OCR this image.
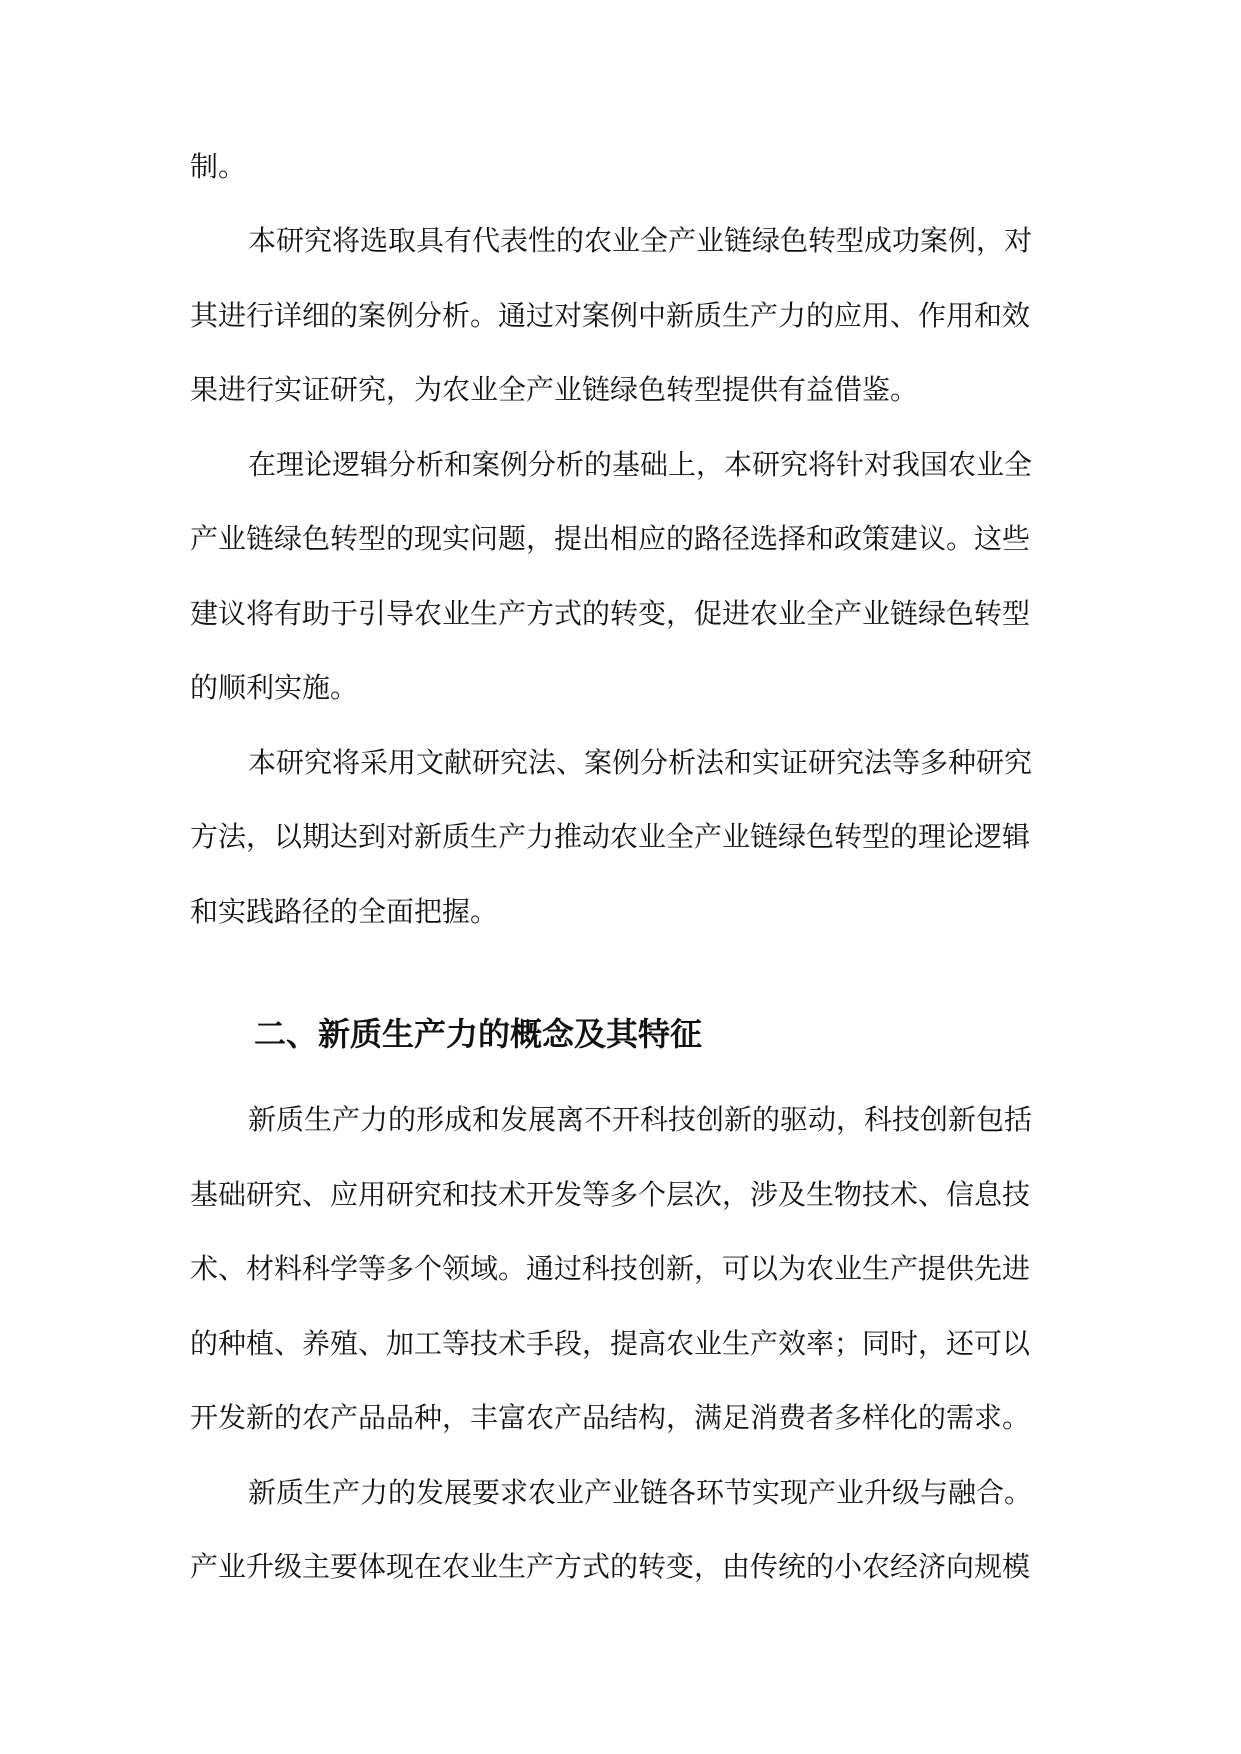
制。
本研究将选取具有代表性的农业全产业链绿色转型成功案例，对
其进行详细的案例分析。通过对案例中新质生产力的应用、作用和效
果进行实证研究，为农业全产业链绿色转型提供有益借鉴。
在理论逻辑分析和案例分析的基础上，本研究将针对我国农业全
产业链绿色转型的现实问题，提出相应的路径选择和政策建议。这些
建议将有助于引导农业生产方式的转变，促进农业全产业链绿色转型
的顺利实施。
本研究将采用文献研究法、案例分析法和实证研究法等多种研究
方法，以期达到对新质生产力推动农业全产业链绿色转型的理论逻辑
和实践路径的全面把握。
二、新质生产力的概念及其特征
新质生产力的形成和发展离不开科技创新的驱动，科技创新包括
基础研究、应用研究和技术开发等多个层次，涉及生物技术、信息技
术、材料科学等多个领域。通过科技创新，可以为农业生产提供先进
的种植、养殖、加工等技术手段，提高农业生产效率；同时，还可以
开发新的农产品品种，丰富农产品结构，满足消费者多样化的需求。
新质生产力的发展要求农业产业链各环节实现产业升级与融合。
产业升级主要体现在农业生产方式的转变，由传统的小农经济向规模
